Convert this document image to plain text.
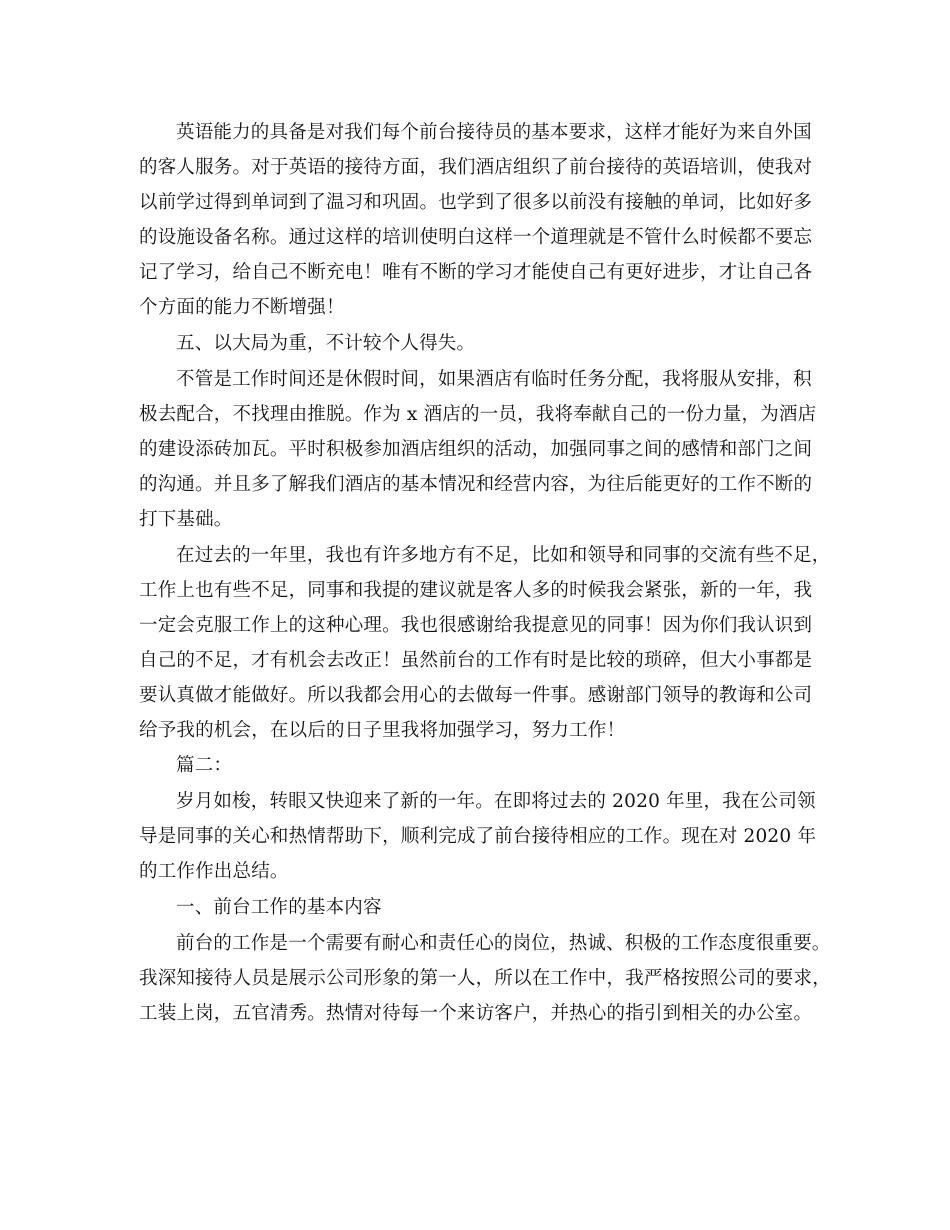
英语能力的具备是对我们每个前台接待员的基本要求，这样才能好为来自外国
的客人服务。对于英语的接待方面，我们酒店组织了前台接待的英语培训，使我对
以前学过得到单词到了温习和巩固。也学到了很多以前没有接触的单词，比如好多
的设施设备名称。通过这样的培训使明白这样一个道理就是不管什么时候都不要忘
记了学习，给自己不断充电！唯有不断的学习才能使自己有更好进步，才让自己各
个方面的能力不断增强！
五、以大局为重，不计较个人得失。
不管是工作时间还是休假时间，如果酒店有临时任务分配，我将服从安排，积
极去配合，不找理由推脱。作为 x 酒店的一员，我将奉献自己的一份力量，为酒店
的建设添砖加瓦。平时积极参加酒店组织的活动，加强同事之间的感情和部门之间
的沟通。并且多了解我们酒店的基本情况和经营内容，为往后能更好的工作不断的
打下基础。
在过去的一年里，我也有许多地方有不足，比如和领导和同事的交流有些不足，
工作上也有些不足，同事和我提的建议就是客人多的时候我会紧张，新的一年，我
一定会克服工作上的这种心理。我也很感谢给我提意见的同事！因为你们我认识到
自己的不足，才有机会去改正！虽然前台的工作有时是比较的琐碎，但大小事都是
要认真做才能做好。所以我都会用心的去做每一件事。感谢部门领导的教诲和公司
给予我的机会，在以后的日子里我将加强学习，努力工作！
篇二：
岁月如梭，转眼又快迎来了新的一年。在即将过去的 2020 年里，我在公司领
导是同事的关心和热情帮助下，顺利完成了前台接待相应的工作。现在对 2020 年
的工作作出总结。
一、前台工作的基本内容
前台的工作是一个需要有耐心和责任心的岗位，热诚、积极的工作态度很重要。
我深知接待人员是展示公司形象的第一人，所以在工作中，我严格按照公司的要求，
工装上岗，五官清秀。热情对待每一个来访客户，并热心的指引到相关的办公室。
